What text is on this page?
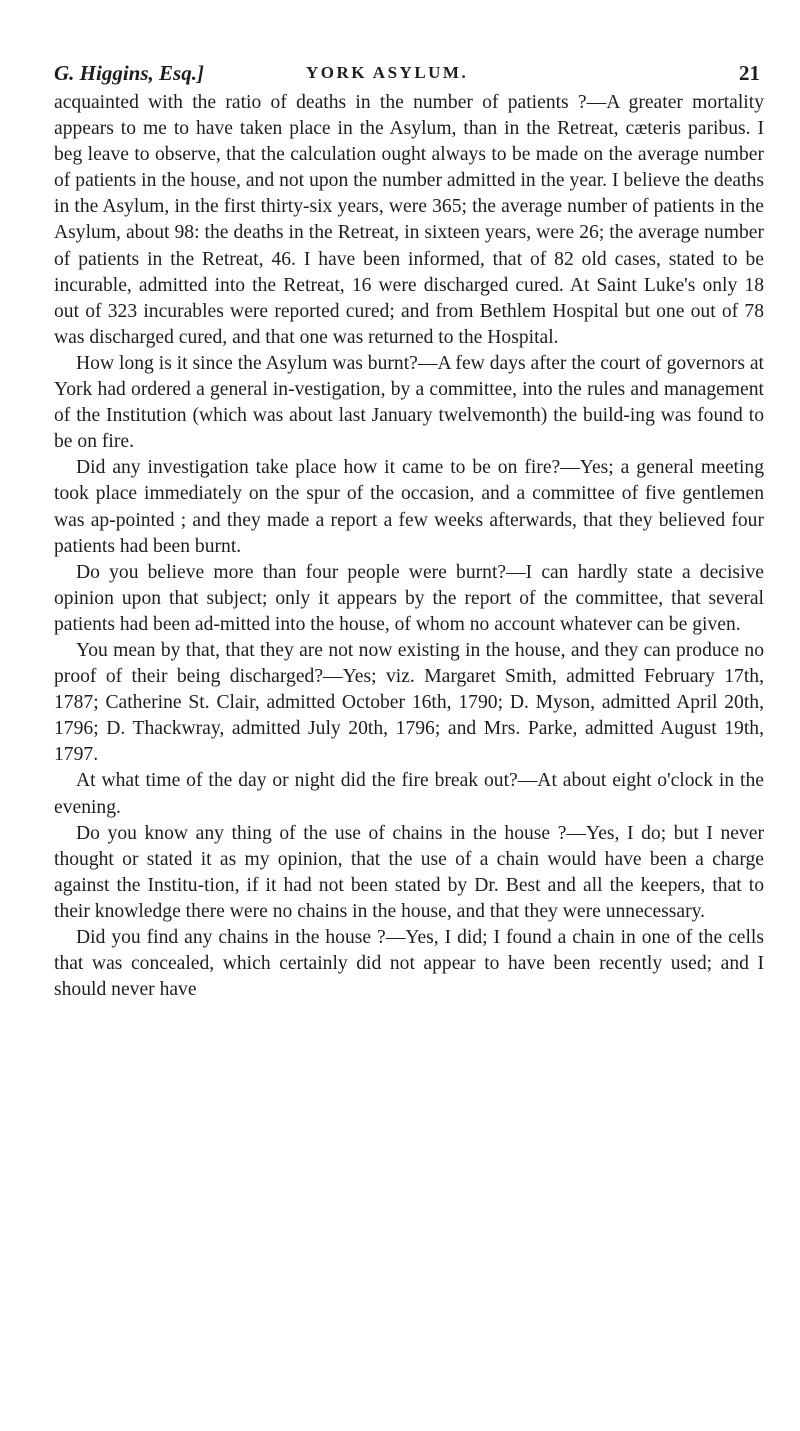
G. Higgins, Esq.]	YORK ASYLUM.	21

acquainted with the ratio of deaths in the number of patients ?—A greater mortality appears to me to have taken place in the Asylum, than in the Retreat, cæteris paribus. I beg leave to observe, that the calculation ought always to be made on the average number of patients in the house, and not upon the number admitted in the year. I believe the deaths in the Asylum, in the first thirty-six years, were 365; the average number of patients in the Asylum, about 98: the deaths in the Retreat, in sixteen years, were 26; the average number of patients in the Retreat, 46. I have been informed, that of 82 old cases, stated to be incurable, admitted into the Retreat, 16 were discharged cured. At Saint Luke's only 18 out of 323 incurables were reported cured; and from Bethlem Hospital but one out of 78 was discharged cured, and that one was returned to the Hospital.

How long is it since the Asylum was burnt?—A few days after the court of governors at York had ordered a general in-vestigation, by a committee, into the rules and management of the Institution (which was about last January twelvemonth) the build-ing was found to be on fire.

Did any investigation take place how it came to be on fire?—Yes; a general meeting took place immediately on the spur of the occasion, and a committee of five gentlemen was ap-pointed ; and they made a report a few weeks afterwards, that they believed four patients had been burnt.

Do you believe more than four people were burnt?—I can hardly state a decisive opinion upon that subject; only it appears by the report of the committee, that several patients had been ad-mitted into the house, of whom no account whatever can be given.

You mean by that, that they are not now existing in the house, and they can produce no proof of their being discharged?—Yes; viz. Margaret Smith, admitted February 17th, 1787; Catherine St. Clair, admitted October 16th, 1790; D. Myson, admitted April 20th, 1796; D. Thackwray, admitted July 20th, 1796; and Mrs. Parke, admitted August 19th, 1797.

At what time of the day or night did the fire break out?—At about eight o'clock in the evening.

Do you know any thing of the use of chains in the house ?—Yes, I do; but I never thought or stated it as my opinion, that the use of a chain would have been a charge against the Institu-tion, if it had not been stated by Dr. Best and all the keepers, that to their knowledge there were no chains in the house, and that they were unnecessary.

Did you find any chains in the house ?—Yes, I did; I found a chain in one of the cells that was concealed, which certainly did not appear to have been recently used; and I should never have
